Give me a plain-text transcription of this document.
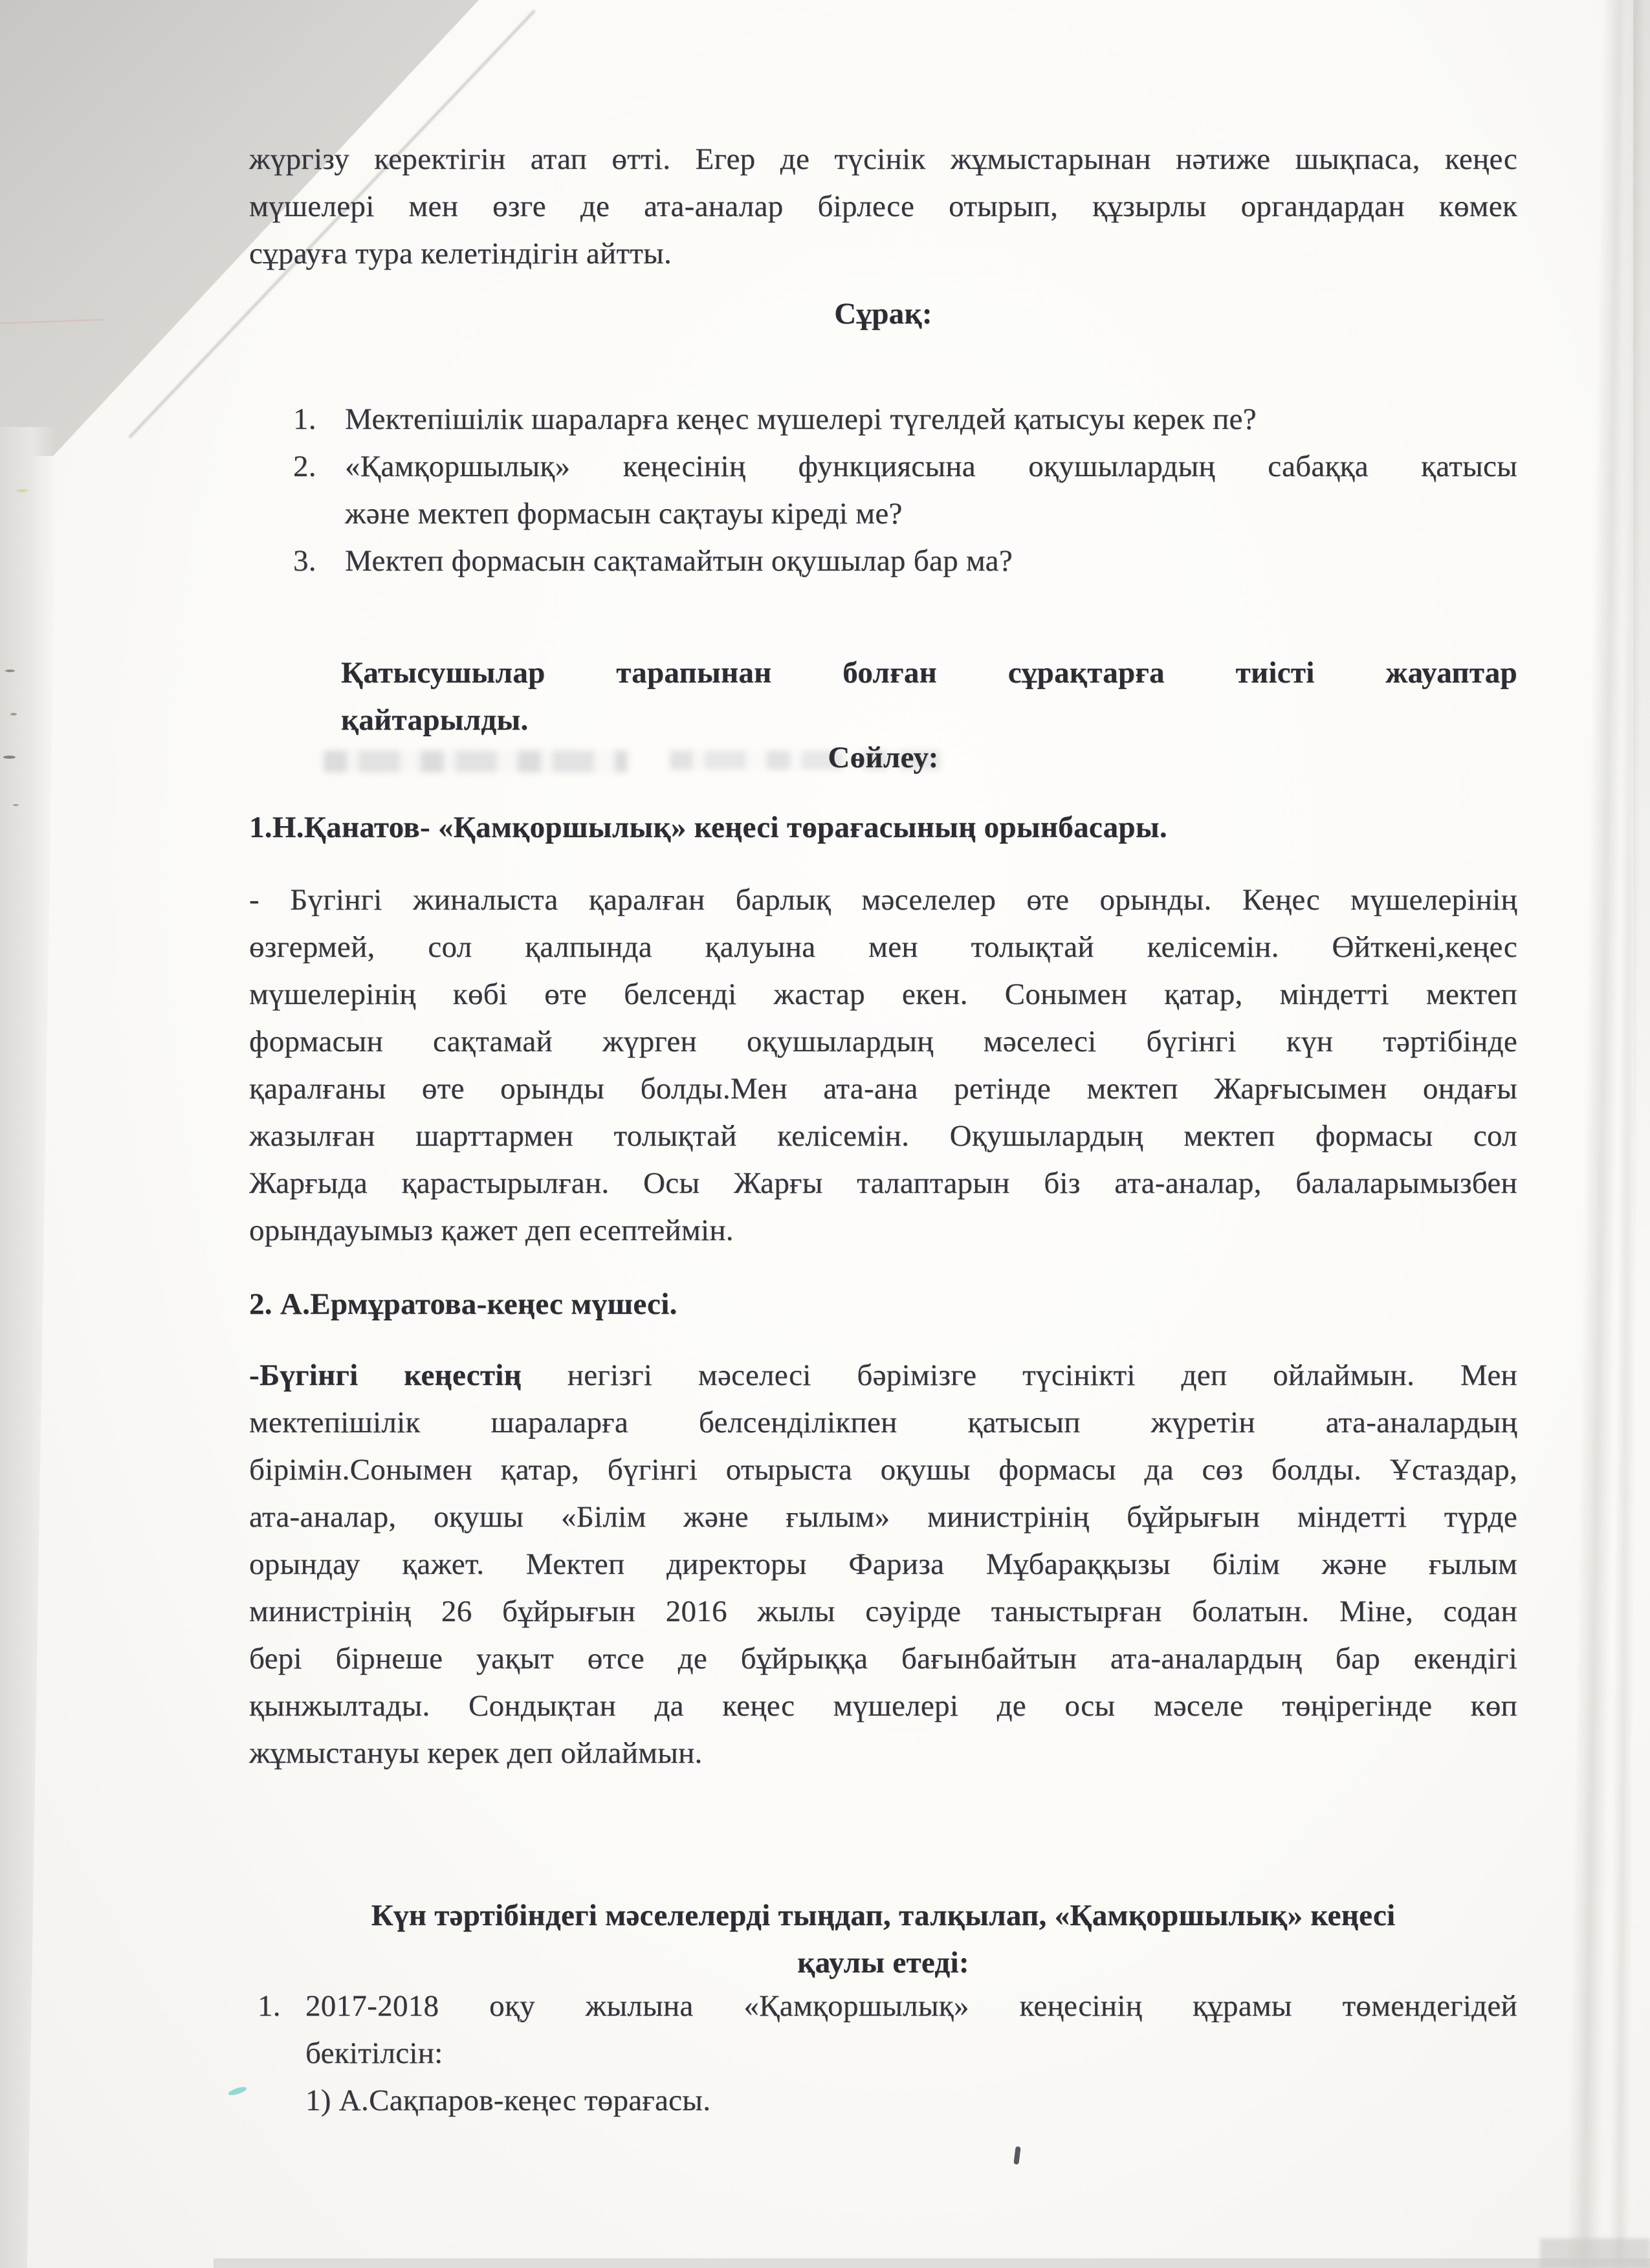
жүргізу керектігін атап өтті. Егер де түсінік жұмыстарынан нәтиже шықпаса, кеңес
мүшелері мен өзге де ата-аналар бірлесе отырып, құзырлы органдардан көмек
сұрауға тура келетіндігін айтты.
Сұрақ:
1. Мектепішілік шараларға кеңес мүшелері түгелдей қатысуы керек пе?
2. «Қамқоршылық» кеңесінің функциясына оқушылардың сабаққа қатысы
және мектеп формасын сақтауы кіреді ме?
3. Мектеп формасын сақтамайтын оқушылар бар ма?
Қатысушылар тарапынан болған сұрақтарға тиісті жауаптар
қайтарылды.
Сөйлеу:
1.Н.Қанатов- «Қамқоршылық» кеңесі төрағасының орынбасары.
- Бүгінгі жиналыста қаралған барлық мәселелер өте орынды. Кеңес мүшелерінің
өзгермей, сол қалпында қалуына мен толықтай келісемін. Өйткені,кеңес
мүшелерінің көбі өте белсенді жастар екен. Сонымен қатар, міндетті мектеп
формасын сақтамай жүрген оқушылардың мәселесі бүгінгі күн тәртібінде
қаралғаны өте орынды болды.Мен ата-ана ретінде мектеп Жарғысымен ондағы
жазылған шарттармен толықтай келісемін. Оқушылардың мектеп формасы сол
Жарғыда қарастырылған. Осы Жарғы талаптарын біз ата-аналар, балаларымызбен
орындауымыз қажет деп есептеймін.
2. А.Ермұратова-кеңес мүшесі.
-Бүгінгі кеңестің негізгі мәселесі бәрімізге түсінікті деп ойлаймын. Мен
мектепішілік шараларға белсенділікпен қатысып жүретін ата-аналардың
бірімін.Сонымен қатар, бүгінгі отырыста оқушы формасы да сөз болды. Ұстаздар,
ата-аналар, оқушы «Білім және ғылым» министрінің бұйрығын міндетті түрде
орындау қажет. Мектеп директоры Фариза Мұбараққызы білім және ғылым
министрінің 26 бұйрығын 2016 жылы сәуірде таныстырған болатын. Міне, содан
бері бірнеше уақыт өтсе де бұйрыққа бағынбайтын ата-аналардың бар екендігі
қынжылтады. Сондықтан да кеңес мүшелері де осы мәселе төңірегінде көп
жұмыстануы керек деп ойлаймын.
Күн тәртібіндегі мәселелерді тыңдап, талқылап, «Қамқоршылық» кеңесі
қаулы етеді:
1. 2017-2018 оқу жылына «Қамқоршылық» кеңесінің құрамы төмендегідей
бекітілсін:
1) А.Сақпаров-кеңес төрағасы.
